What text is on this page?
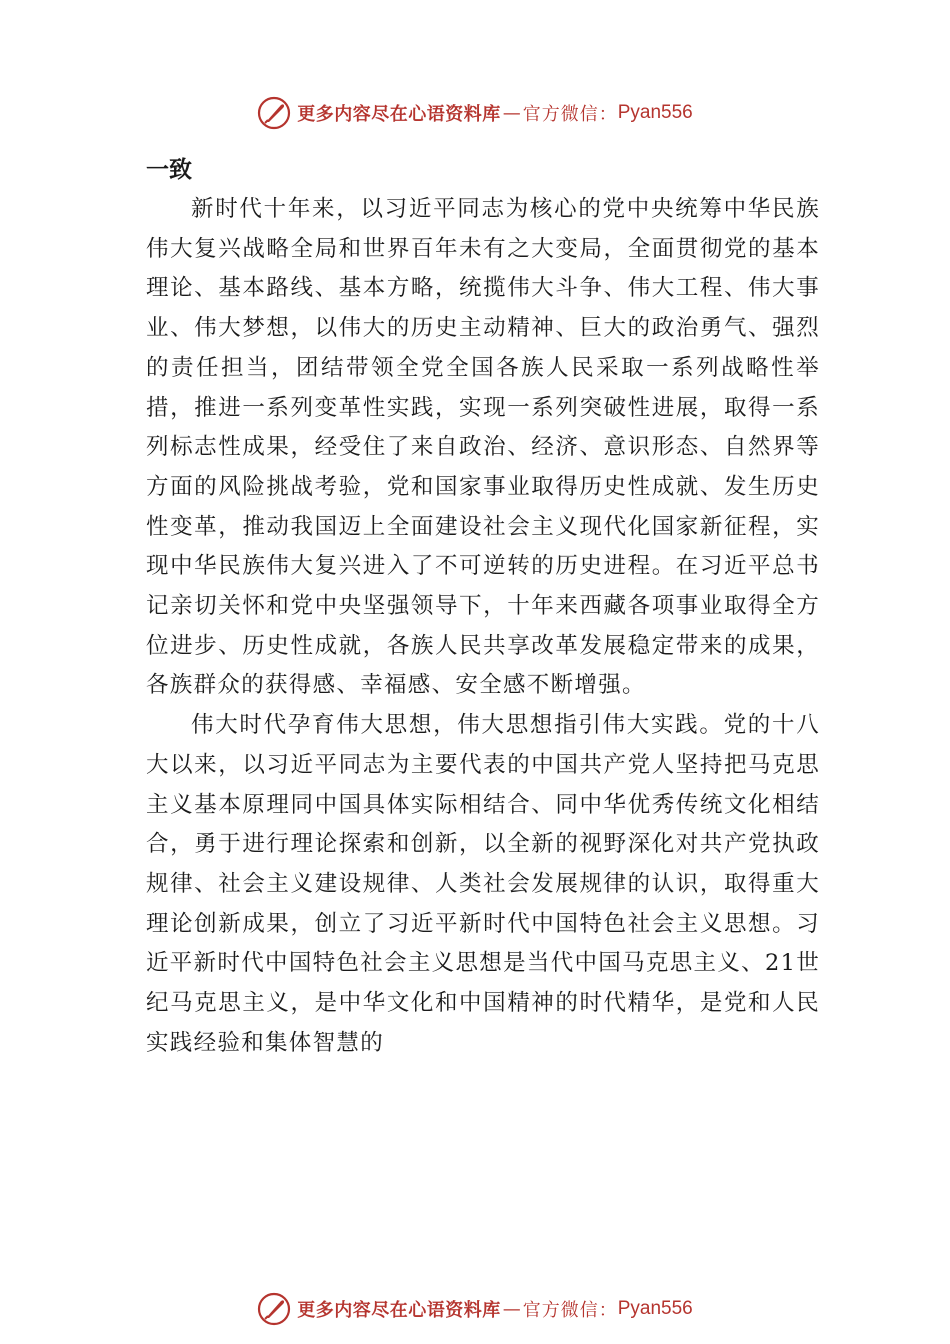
更多内容尽在心语资料库 — 官方微信： Pyan556
一致

新时代十年来，以习近平同志为核心的党中央统筹中华民族伟大复兴战略全局和世界百年未有之大变局，全面贯彻党的基本理论、基本路线、基本方略，统揽伟大斗争、伟大工程、伟大事业、伟大梦想，以伟大的历史主动精神、巨大的政治勇气、强烈的责任担当，团结带领全党全国各族人民采取一系列战略性举措，推进一系列变革性实践，实现一系列突破性进展，取得一系列标志性成果，经受住了来自政治、经济、意识形态、自然界等方面的风险挑战考验，党和国家事业取得历史性成就、发生历史性变革，推动我国迈上全面建设社会主义现代化国家新征程，实现中华民族伟大复兴进入了不可逆转的历史进程。在习近平总书记亲切关怀和党中央坚强领导下，十年来西藏各项事业取得全方位进步、历史性成就，各族人民共享改革发展稳定带来的成果，各族群众的获得感、幸福感、安全感不断增强。

伟大时代孕育伟大思想，伟大思想指引伟大实践。党的十八大以来，以习近平同志为主要代表的中国共产党人坚持把马克思主义基本原理同中国具体实际相结合、同中华优秀传统文化相结合，勇于进行理论探索和创新，以全新的视野深化对共产党执政规律、社会主义建设规律、人类社会发展规律的认识，取得重大理论创新成果，创立了习近平新时代中国特色社会主义思想。习近平新时代中国特色社会主义思想是当代中国马克思主义、21世纪马克思主义，是中华文化和中国精神的时代精华，是党和人民实践经验和集体智慧的

更多内容尽在心语资料库 — 官方微信： Pyan556
